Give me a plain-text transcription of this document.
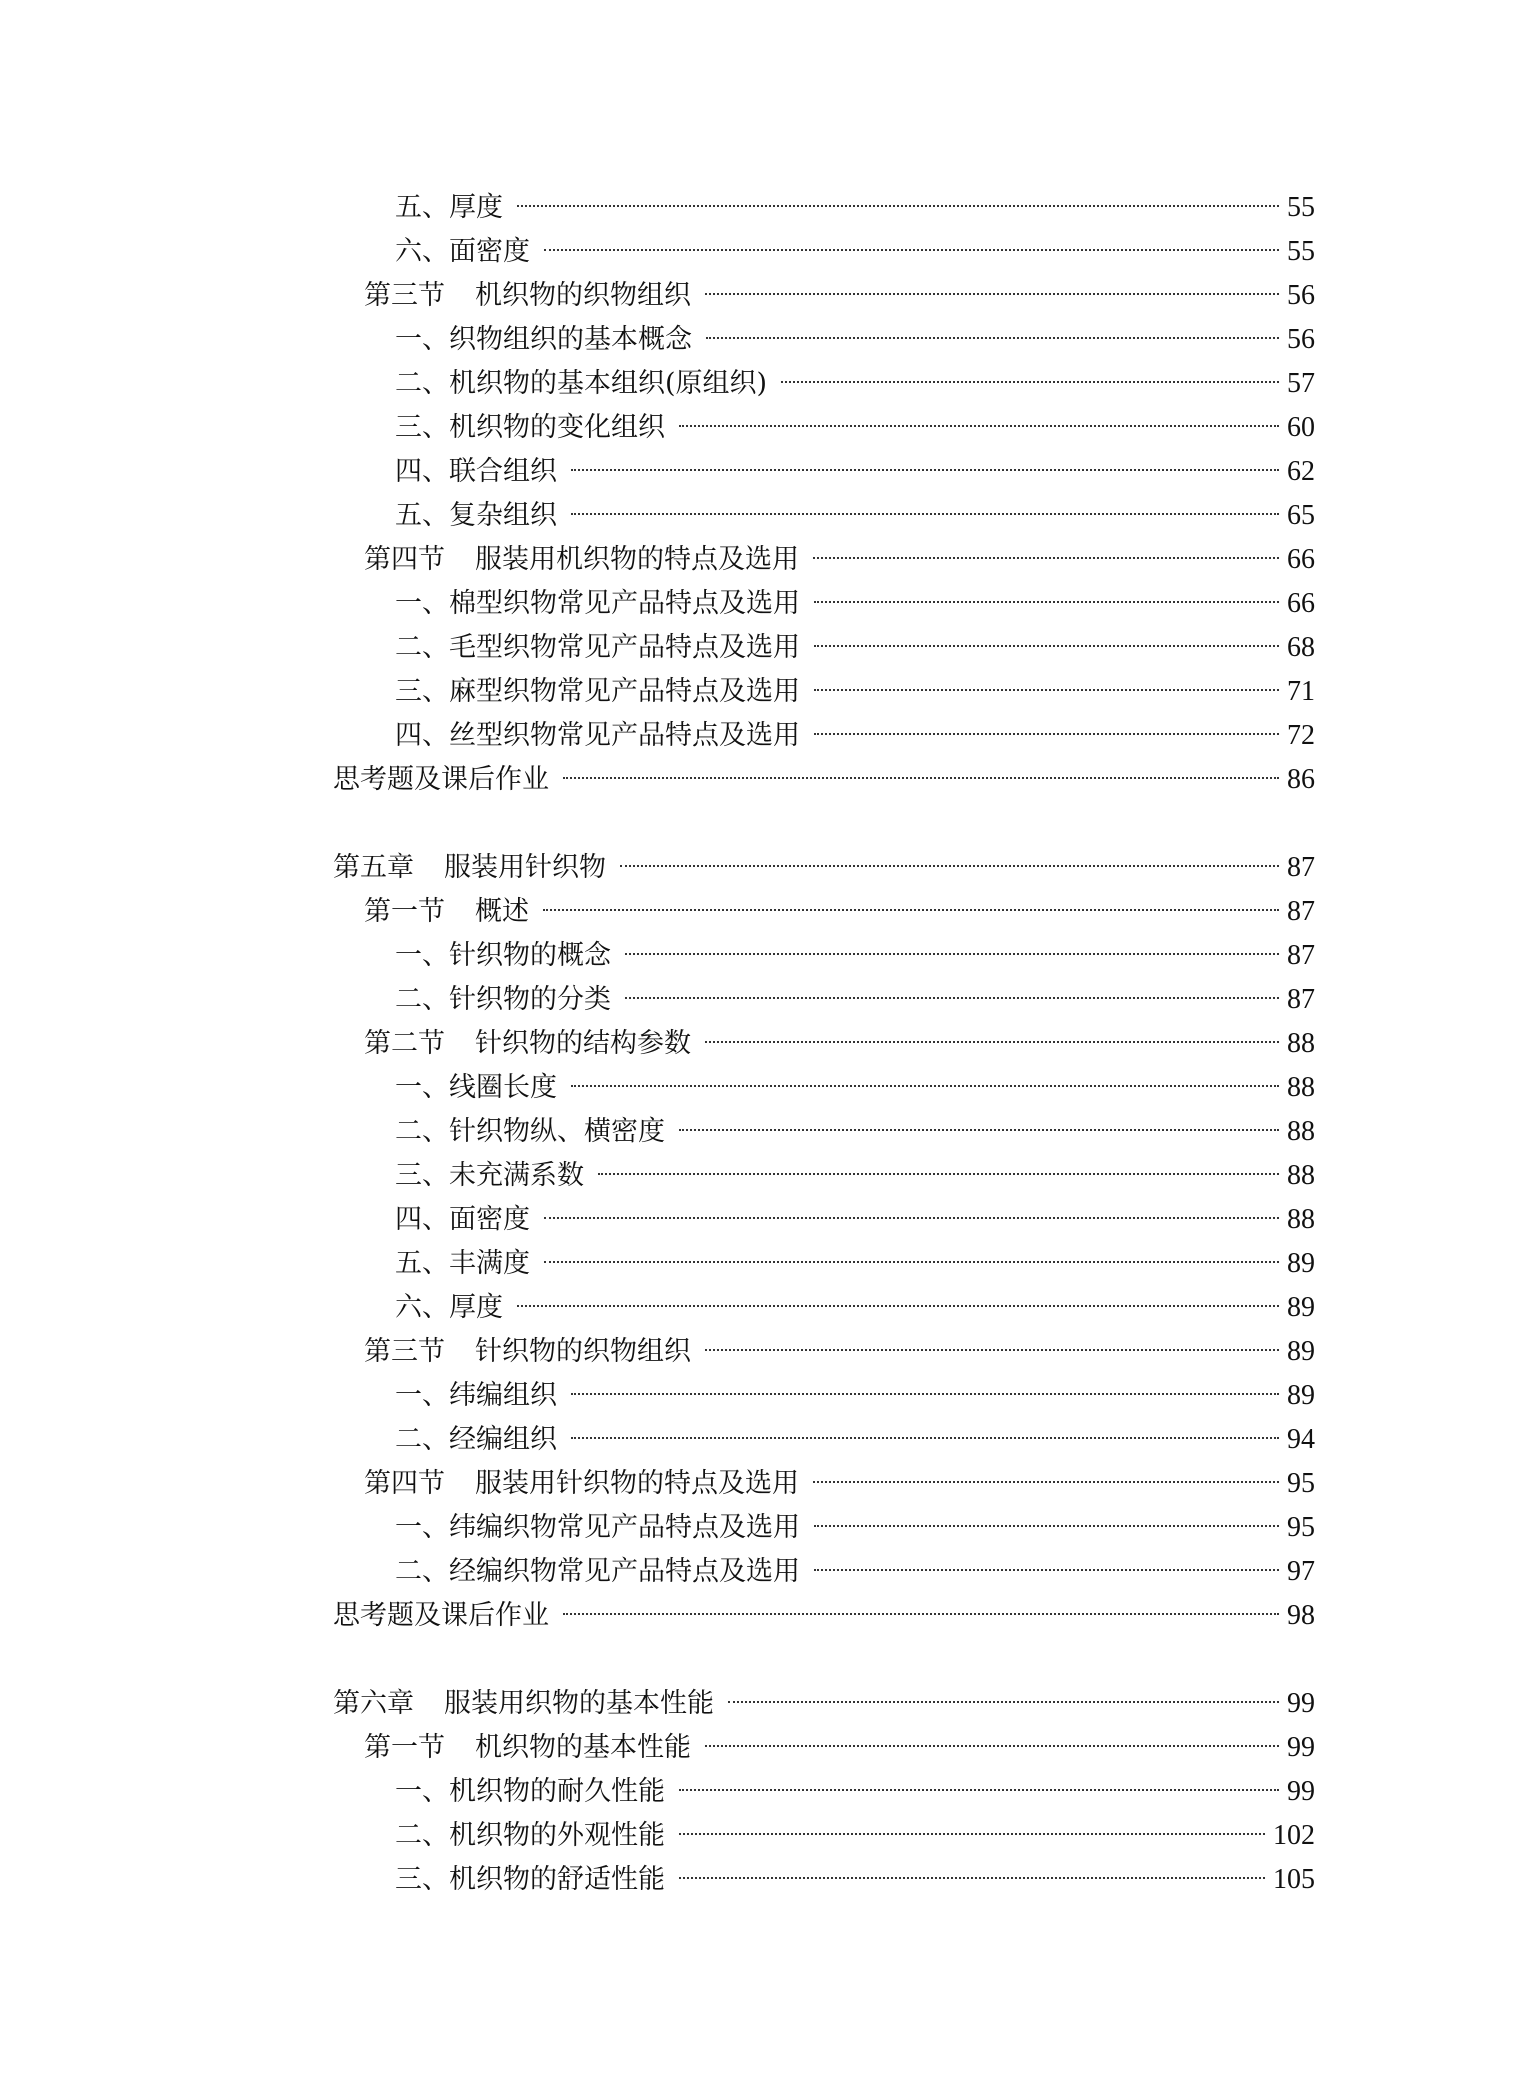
五、厚度	55
六、面密度	55
第三节 机织物的织物组织	56
一、织物组织的基本概念	56
二、机织物的基本组织(原组织)	57
三、机织物的变化组织	60
四、联合组织	62
五、复杂组织	65
第四节 服装用机织物的特点及选用	66
一、棉型织物常见产品特点及选用	66
二、毛型织物常见产品特点及选用	68
三、麻型织物常见产品特点及选用	71
四、丝型织物常见产品特点及选用	72
思考题及课后作业	86
第五章 服装用针织物	87
第一节 概述	87
一、针织物的概念	87
二、针织物的分类	87
第二节 针织物的结构参数	88
一、线圈长度	88
二、针织物纵、横密度	88
三、未充满系数	88
四、面密度	88
五、丰满度	89
六、厚度	89
第三节 针织物的织物组织	89
一、纬编组织	89
二、经编组织	94
第四节 服装用针织物的特点及选用	95
一、纬编织物常见产品特点及选用	95
二、经编织物常见产品特点及选用	97
思考题及课后作业	98
第六章 服装用织物的基本性能	99
第一节 机织物的基本性能	99
一、机织物的耐久性能	99
二、机织物的外观性能	102
三、机织物的舒适性能	105
